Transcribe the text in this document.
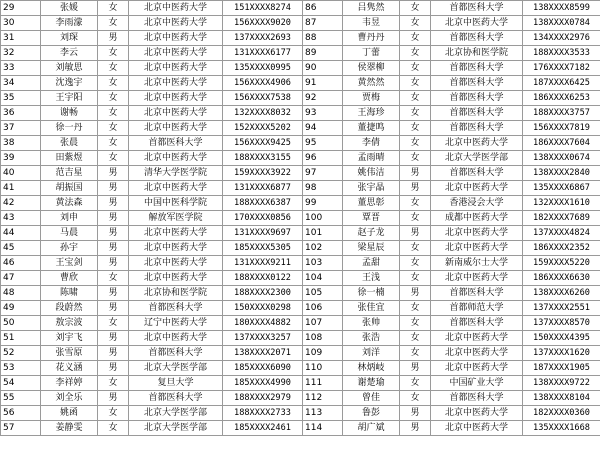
29	张媛	女	北京中医药大学	151XXXX8274	86	吕隽然	女	首都医科大学	138XXXX8599
30	李雨濛	女	北京中医药大学	156XXXX9020	87	韦昱	女	北京中医药大学	138XXXX0784
31	刘琛	男	北京中医药大学	137XXXX2693	88	曹丹丹	女	首都医科大学	134XXXX2976
32	李云	女	北京中医药大学	131XXXX6177	89	丁蕾	女	北京协和医学院	188XXXX3533
33	刘敏思	女	北京中医药大学	135XXXX0995	90	侯翠柳	女	首都医科大学	176XXXX7182
34	沈逸宇	女	北京中医药大学	156XXXX4906	91	黄然然	女	首都医科大学	187XXXX6425
35	王宇阳	女	北京中医药大学	156XXXX7538	92	贾梅	女	首都医科大学	186XXXX6253
36	谢畅	女	北京中医药大学	132XXXX8032	93	王海珍	女	首都医科大学	188XXXX3757
37	徐一丹	女	北京中医药大学	152XXXX5202	94	董捷鸣	女	首都医科大学	156XXXX7819
38	张晨	女	首都医科大学	156XXXX9425	95	李倩	女	北京中医药大学	186XXXX7604
39	田紫煜	女	北京中医药大学	188XXXX3155	96	孟雨晴	女	北京大学医学部	138XXXX0674
40	范吉星	男	清华大学医学院	159XXXX3922	97	姚伟洁	男	首都医科大学	138XXXX2840
41	胡振国	男	北京中医药大学	131XXXX6877	98	张宇晶	男	北京中医药大学	135XXXX6867
42	黄法森	男	中国中医科学院	188XXXX6387	99	董思彰	女	香港浸会大学	132XXXX1610
43	刘申	男	解放军医学院	170XXXX0856	100	覃晋	女	成都中医药大学	182XXXX7689
44	马晨	男	北京中医药大学	131XXXX9697	101	赵子龙	男	北京中医药大学	137XXXX4824
45	孙宇	男	北京中医药大学	185XXXX5305	102	梁星辰	女	北京中医药大学	186XXXX2352
46	王宝剑	男	北京中医药大学	131XXXX9211	103	孟甜	女	新南威尔士大学	159XXXX5220
47	曹欣	女	北京中医药大学	188XXXX0122	104	王浅	女	北京中医药大学	186XXXX6630
48	陈啸	男	北京协和医学院	188XXXX2300	105	徐一楠	男	首都医科大学	138XXXX6260
49	段蔚然	男	首都医科大学	150XXXX0298	106	张佳宜	女	首都师范大学	137XXXX2551
50	敖宗波	女	辽宁中医药大学	180XXXX4882	107	张帅	女	首都医科大学	137XXXX8570
51	刘宇飞	男	北京中医药大学	137XXXX3257	108	张浩	女	北京中医药大学	150XXXX4395
52	张雪原	男	首都医科大学	138XXXX2071	109	刘洋	女	北京中医药大学	137XXXX1620
53	花义涵	男	北京大学医学部	185XXXX6090	110	林炳岐	男	北京中医药大学	187XXXX1905
54	李祥婷	女	复旦大学	185XXXX4990	111	谢楚瑜	女	中国矿业大学	138XXXX9722
55	刘全乐	男	首都医科大学	188XXXX2979	112	曾佳	女	首都医科大学	138XXXX8104
56	姚函	女	北京大学医学部	188XXXX2733	113	鲁彭	男	北京中医药大学	182XXXX0360
57	姜静雯	女	北京大学医学部	185XXXX2461	114	胡广斌	男	北京中医药大学	135XXXX1668
